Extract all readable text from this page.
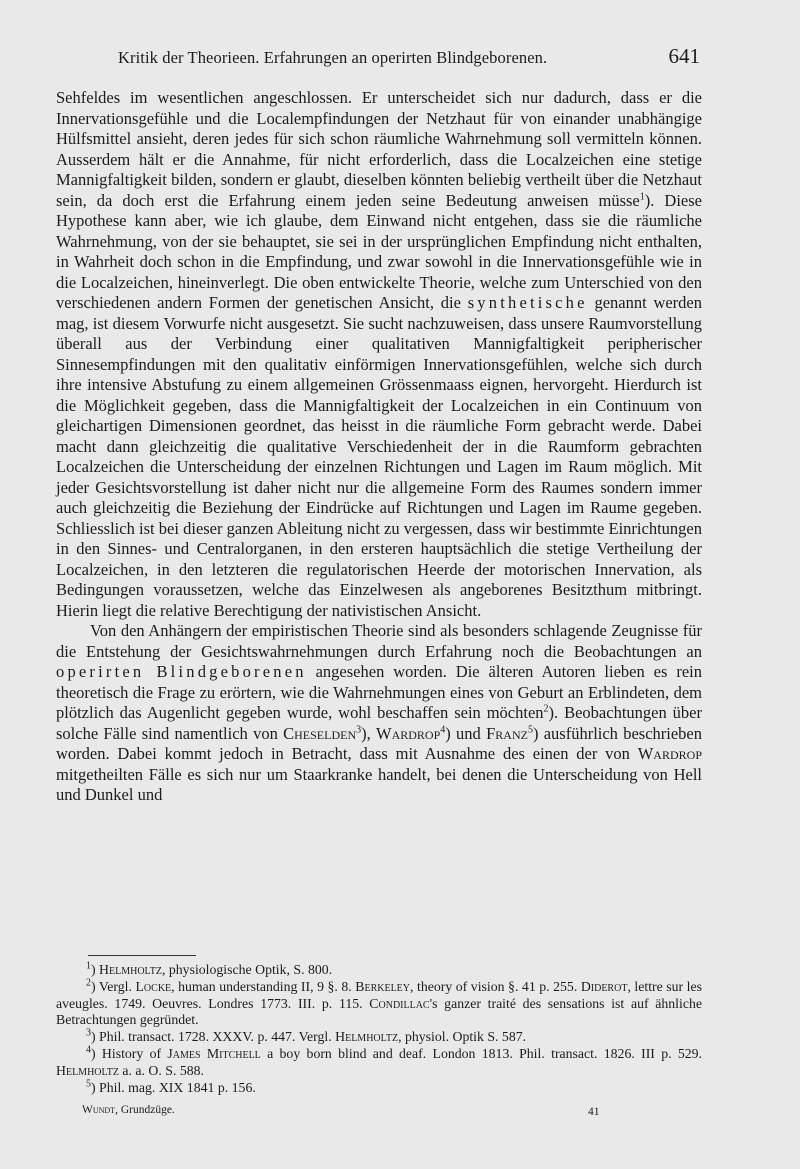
Kritik der Theorieen. Erfahrungen an operirten Blindgeborenen.	641

Sehfeldes im wesentlichen angeschlossen. Er unterscheidet sich nur dadurch, dass er die Innervationsgefühle und die Localempfindungen der Netzhaut für von einander unabhängige Hülfsmittel ansieht, deren jedes für sich schon räumliche Wahrnehmung soll vermitteln können. Ausserdem hält er die Annahme, für nicht erforderlich, dass die Localzeichen eine stetige Mannigfaltigkeit bilden, sondern er glaubt, dieselben könnten beliebig vertheilt über die Netzhaut sein, da doch erst die Erfahrung einem jeden seine Bedeutung anweisen müsse$^1$). Diese Hypothese kann aber, wie ich glaube, dem Einwand nicht entgehen, dass sie die räumliche Wahrnehmung, von der sie behauptet, sie sei in der ursprünglichen Empfindung nicht enthalten, in Wahrheit doch schon in die Empfindung, und zwar sowohl in die Innervationsgefühle wie in die Localzeichen, hineinverlegt. Die oben entwickelte Theorie, welche zum Unterschied von den verschiedenen andern Formen der genetischen Ansicht, die synthetische genannt werden mag, ist diesem Vorwurfe nicht ausgesetzt. Sie sucht nachzuweisen, dass unsere Raumvorstellung überall aus der Verbindung einer qualitativen Mannigfaltigkeit peripherischer Sinnesempfindungen mit den qualitativ einförmigen Innervationsgefühlen, welche sich durch ihre intensive Abstufung zu einem allgemeinen Grössenmaass eignen, hervorgeht. Hierdurch ist die Möglichkeit gegeben, dass die Mannigfaltigkeit der Localzeichen in ein Continuum von gleichartigen Dimensionen geordnet, das heisst in die räumliche Form gebracht werde. Dabei macht dann gleichzeitig die qualitative Verschiedenheit der in die Raumform gebrachten Localzeichen die Unterscheidung der einzelnen Richtungen und Lagen im Raum möglich. Mit jeder Gesichtsvorstellung ist daher nicht nur die allgemeine Form des Raumes sondern immer auch gleichzeitig die Beziehung der Eindrücke auf Richtungen und Lagen im Raume gegeben. Schliesslich ist bei dieser ganzen Ableitung nicht zu vergessen, dass wir bestimmte Einrichtungen in den Sinnes- und Centralorganen, in den ersteren hauptsächlich die stetige Vertheilung der Localzeichen, in den letzteren die regulatorischen Heerde der motorischen Innervation, als Bedingungen voraussetzen, welche das Einzelwesen als angeborenes Besitzthum mitbringt. Hierin liegt die relative Berechtigung der nativistischen Ansicht.

Von den Anhängern der empiristischen Theorie sind als besonders schlagende Zeugnisse für die Entstehung der Gesichtswahrnehmungen durch Erfahrung noch die Beobachtungen an operirten Blindgeborenen angesehen worden. Die älteren Autoren lieben es rein theoretisch die Frage zu erörtern, wie die Wahrnehmungen eines von Geburt an Erblindeten, dem plötzlich das Augenlicht gegeben wurde, wohl beschaffen sein möchten$^2$). Beobachtungen über solche Fälle sind namentlich von Cheselden$^3$), Wardrop$^4$) und Franz$^5$) ausführlich beschrieben worden. Dabei kommt jedoch in Betracht, dass mit Ausnahme des einen der von Wardrop mitgetheilten Fälle es sich nur um Staarkranke handelt, bei denen die Unterscheidung von Hell und Dunkel und

$^1$) Helmholtz, physiologische Optik, S. 800.

$^2$) Vergl. Locke, human understanding II, 9 §. 8. Berkeley, theory of vision §. 41 p. 255. Diderot, lettre sur les aveugles. 1749. Oeuvres. Londres 1773. III. p. 115. Condillac's ganzer traité des sensations ist auf ähnliche Betrachtungen gegründet.

$^3$) Phil. transact. 1728. XXXV. p. 447. Vergl. Helmholtz, physiol. Optik S. 587.

$^4$) History of James Mitchell a boy born blind and deaf. London 1813. Phil. transact. 1826. III p. 529. Helmholtz a. a. O. S. 588.

$^5$) Phil. mag. XIX 1841 p. 156.

Wundt, Grundzüge.	41
